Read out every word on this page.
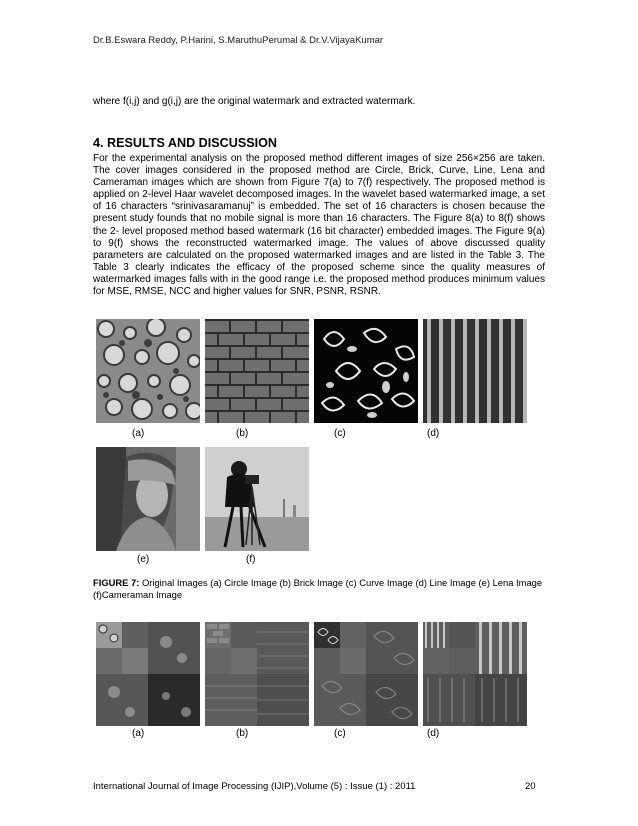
Dr.B.Eswara Reddy, P.Harini, S.MaruthuPerumal & Dr.V.VijayaKumar
where f(i,j) and g(i,j) are the original watermark and extracted watermark.
4. RESULTS AND DISCUSSION
For the experimental analysis on the proposed method different images of size 256×256 are taken. The cover images considered in the proposed method are Circle, Brick, Curve, Line, Lena and Cameraman images which are shown from Figure 7(a) to 7(f) respectively. The proposed method is applied on 2-level Haar wavelet decomposed images. In the wavelet based watermarked image, a set of 16 characters “srinivasaramanuj” is embedded. The set of 16 characters is chosen because the present study founds that no mobile signal is more than 16 characters. The Figure 8(a) to 8(f) shows the 2- level proposed method based watermark (16 bit character) embedded images. The Figure 9(a) to 9(f) shows the reconstructed watermarked image. The values of above discussed quality parameters are calculated on the proposed watermarked images and are listed in the Table 3. The Table 3 clearly indicates the efficacy of the proposed scheme since the quality measures of watermarked images falls with in the good range i.e. the proposed method produces minimum values for MSE, RMSE, NCC and higher values for SNR, PSNR, RSNR.
(a)	(b)	(c)	(d)
(e)	(f)
FIGURE 7: Original Images (a) Circle Image (b) Brick Image (c) Curve Image (d) Line Image (e) Lena Image (f)Cameraman Image
(a)	(b)	(c)	(d)
International Journal of Image Processing (IJIP),Volume (5) : Issue (1) : 2011	20
